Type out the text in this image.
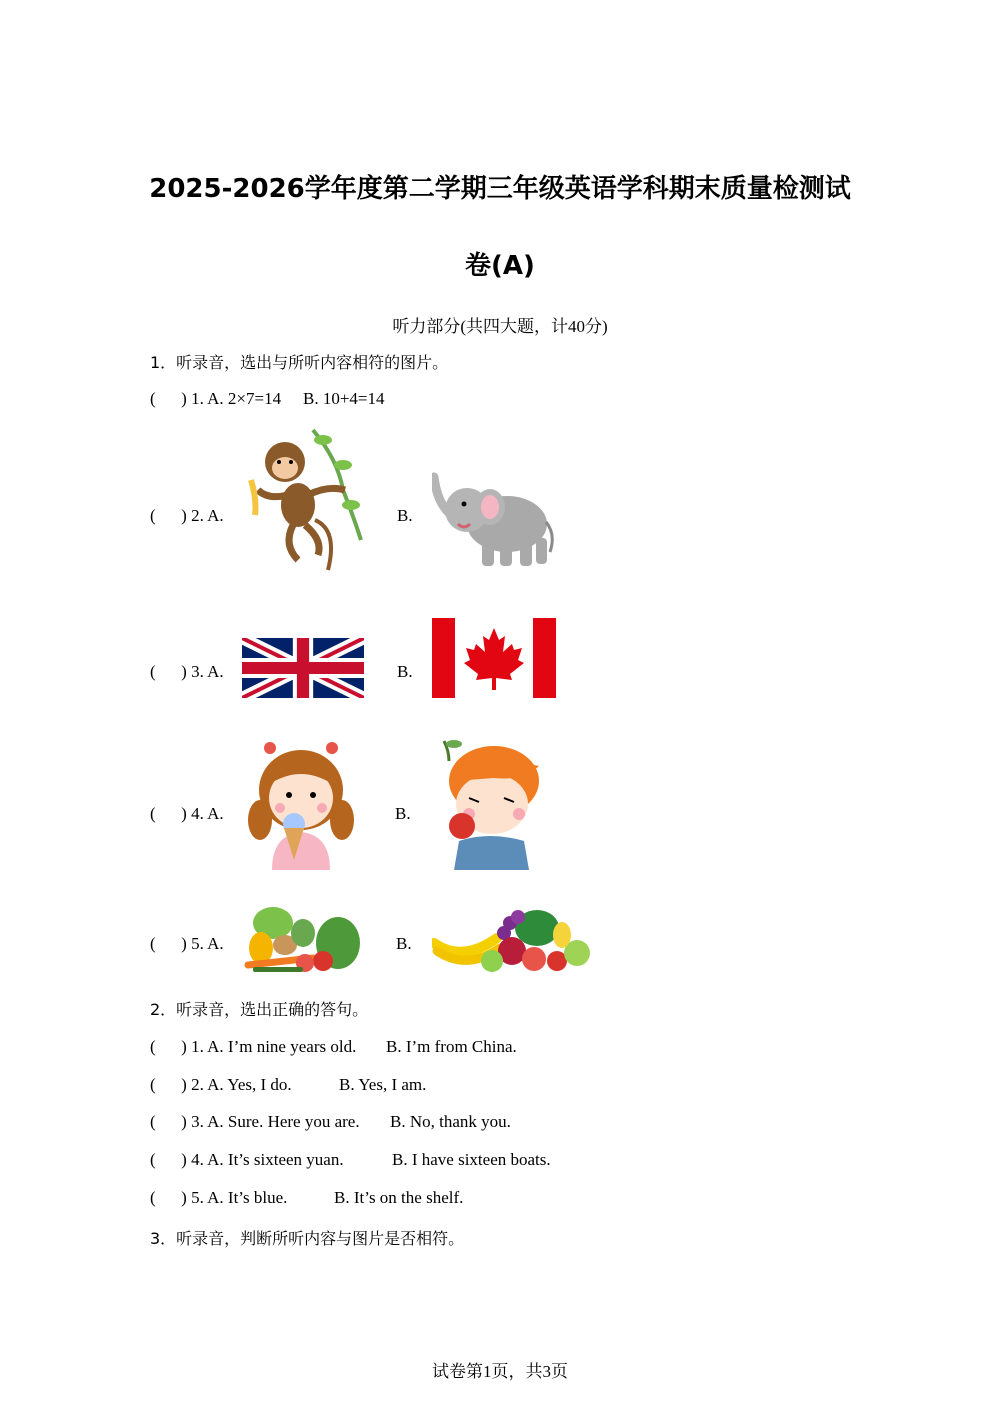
2025-2026学年度第二学期三年级英语学科期末质量检测试
卷(A)
听力部分(共四大题，计40分)
1．听录音，选出与所听内容相符的图片。
(      ) 1. A. 2×7=14 B. 10+4=14
(      ) 2. A.	B.
(      ) 3. A.	B.
(      ) 4. A.	B.
(      ) 5. A.	B.
2．听录音，选出正确的答句。
(      ) 1. A. I’m nine years old. B. I’m from China.
(      ) 2. A. Yes, I do.	B. Yes, I am.
(      ) 3. A. Sure. Here you are. B. No, thank you.
(      ) 4. A. It’s sixteen yuan.	B. I have sixteen boats.
(      ) 5. A. It’s blue.	B. It’s on the shelf.
3．听录音，判断所听内容与图片是否相符。
试卷第1页，共3页
